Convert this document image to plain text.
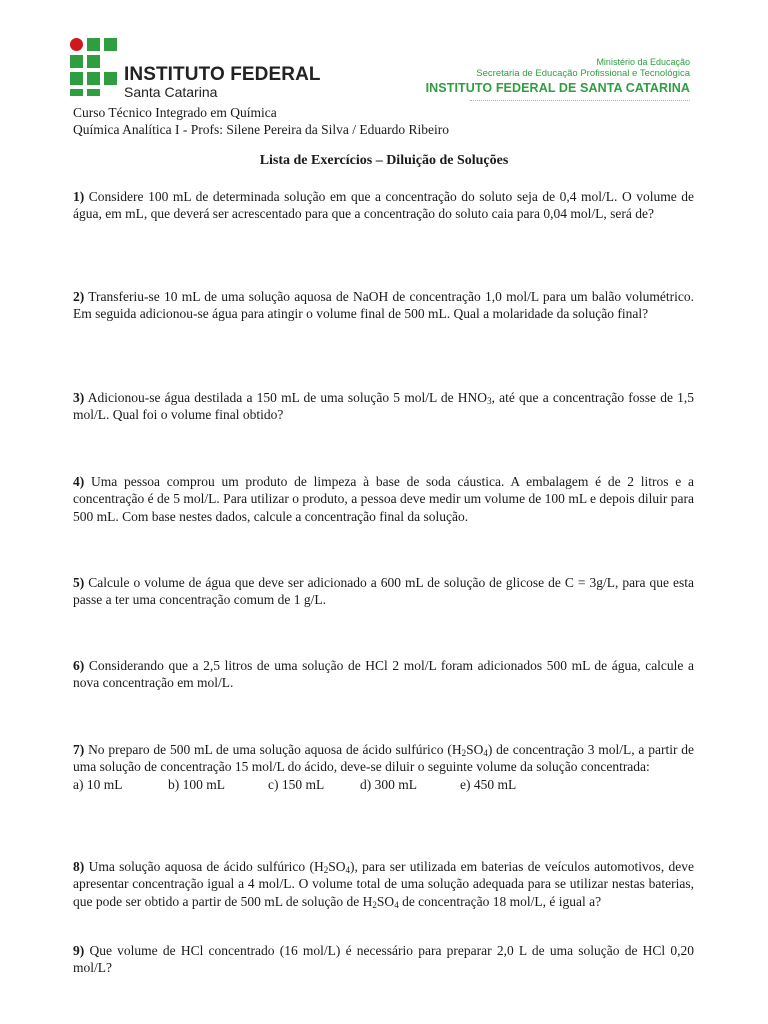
INSTITUTO FEDERAL
Santa Catarina
Ministério da Educação
Secretaria de Educação Profissional e Tecnológica
INSTITUTO FEDERAL DE SANTA CATARINA
Curso Técnico Integrado em Química
Química Analítica I - Profs: Silene Pereira da Silva / Eduardo Ribeiro
Lista de Exercícios – Diluição de Soluções
1) Considere 100 mL de determinada solução em que a concentração do soluto seja de 0,4 mol/L. O volume de água, em mL, que deverá ser acrescentado para que a concentração do soluto caia para 0,04 mol/L, será de?
2) Transferiu-se 10 mL de uma solução aquosa de NaOH de concentração 1,0 mol/L para um balão volumétrico. Em seguida adicionou-se água para atingir o volume final de 500 mL. Qual a molaridade da solução final?
3) Adicionou-se água destilada a 150 mL de uma solução 5 mol/L de $HNO_3$, até que a concentração fosse de 1,5 mol/L. Qual foi o volume final obtido?
4) Uma pessoa comprou um produto de limpeza à base de soda cáustica. A embalagem é de 2 litros e a concentração é de 5 mol/L. Para utilizar o produto, a pessoa deve medir um volume de 100 mL e depois diluir para 500 mL. Com base nestes dados, calcule a concentração final da solução.
5) Calcule o volume de água que deve ser adicionado a 600 mL de solução de glicose de C = 3g/L, para que esta passe a ter uma concentração comum de 1 g/L.
6) Considerando que a 2,5 litros de uma solução de HCl 2 mol/L foram adicionados 500 mL de água, calcule a nova concentração em mol/L.
7) No preparo de 500 mL de uma solução aquosa de ácido sulfúrico $(H_2SO_4)$ de concentração 3 mol/L, a partir de uma solução de concentração 15 mol/L do ácido, deve-se diluir o seguinte volume da solução concentrada:
a) 10 mL	b) 100 mL	c) 150 mL	d) 300 mL	e) 450 mL
8) Uma solução aquosa de ácido sulfúrico $(H_2SO_4)$, para ser utilizada em baterias de veículos automotivos, deve apresentar concentração igual a 4 mol/L. O volume total de uma solução adequada para se utilizar nestas baterias, que pode ser obtido a partir de 500 mL de solução de $H_2SO_4$ de concentração 18 mol/L, é igual a?
9) Que volume de HCl concentrado (16 mol/L) é necessário para preparar 2,0 L de uma solução de HCl 0,20 mol/L?
